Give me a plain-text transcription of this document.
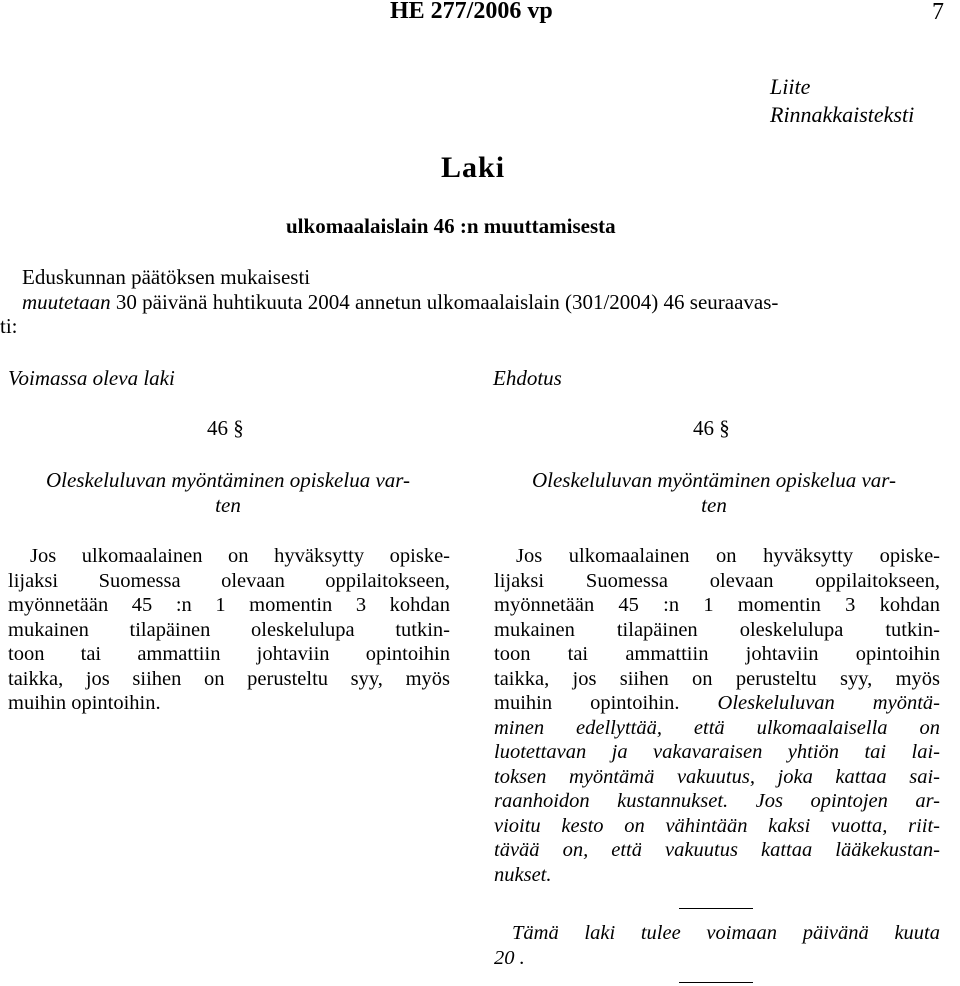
HE 277/2006 vp	7
Liite
Rinnakkaisteksti
Laki
ulkomaalaislain 46 :n muuttamisesta
Eduskunnan päätöksen mukaisesti
muutetaan 30 päivänä huhtikuuta 2004 annetun ulkomaalaislain (301/2004) 46 seuraavas-
ti:
Voimassa oleva laki	Ehdotus
46 §
Oleskeluluvan myöntäminen opiskelua var-
ten
Jos ulkomaalainen on hyväksytty opiske-
lijaksi Suomessa olevaan oppilaitokseen,
myönnetään 45 :n 1 momentin 3 kohdan
mukainen tilapäinen oleskelulupa tutkin-
toon tai ammattiin johtaviin opintoihin
taikka, jos siihen on perusteltu syy, myös
muihin opintoihin.
46 §
Oleskeluluvan myöntäminen opiskelua var-
ten
Jos ulkomaalainen on hyväksytty opiske-
lijaksi Suomessa olevaan oppilaitokseen,
myönnetään 45 :n 1 momentin 3 kohdan
mukainen tilapäinen oleskelulupa tutkin-
toon tai ammattiin johtaviin opintoihin
taikka, jos siihen on perusteltu syy, myös
muihin opintoihin. Oleskeluluvan myöntä-
minen edellyttää, että ulkomaalaisella on
luotettavan ja vakavaraisen yhtiön tai lai-
toksen myöntämä vakuutus, joka kattaa sai-
raanhoidon kustannukset. Jos opintojen ar-
vioitu kesto on vähintään kaksi vuotta, riit-
tävää on, että vakuutus kattaa lääkekustan-
nukset.
Tämä laki tulee voimaan päivänä kuuta
20 .
